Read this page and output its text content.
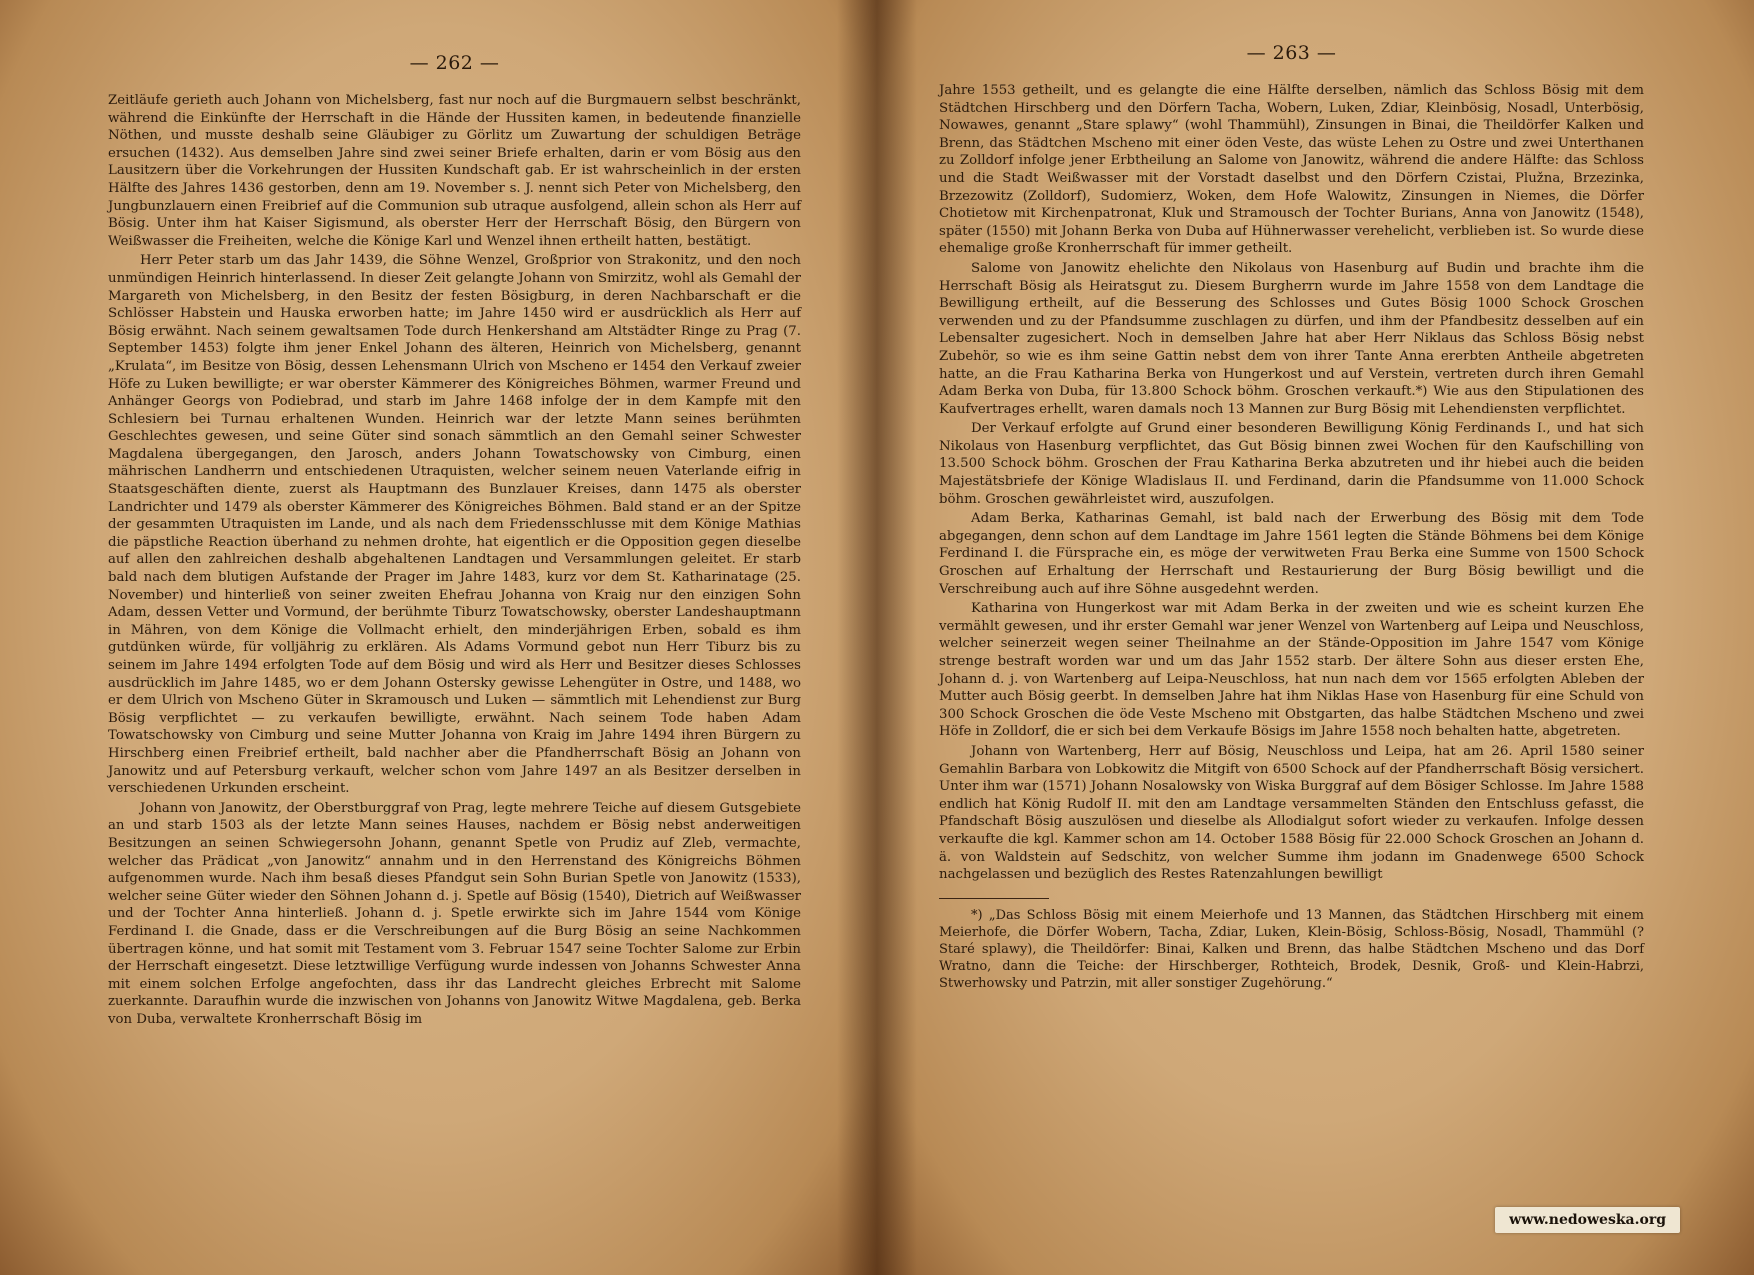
— 262 —

Zeitläufe gerieth auch Johann von Michelsberg, fast nur noch auf die Burgmauern selbst beschränkt, während die Einkünfte der Herrschaft in die Hände der Hussiten kamen, in bedeutende finanzielle Nöthen, und musste deshalb seine Gläubiger zu Görlitz um Zuwartung der schuldigen Beträge ersuchen (1432). Aus demselben Jahre sind zwei seiner Briefe erhalten, darin er vom Bösig aus den Lausitzern über die Vorkehrungen der Hussiten Kundschaft gab. Er ist wahrscheinlich in der ersten Hälfte des Jahres 1436 gestorben, denn am 19. November s. J. nennt sich Peter von Michelsberg, den Jungbunzlauern einen Freibrief auf die Communion sub utraque ausfolgend, allein schon als Herr auf Bösig. Unter ihm hat Kaiser Sigismund, als oberster Herr der Herrschaft Bösig, den Bürgern von Weißwasser die Freiheiten, welche die Könige Karl und Wenzel ihnen ertheilt hatten, bestätigt.

Herr Peter starb um das Jahr 1439, die Söhne Wenzel, Großprior von Strakonitz, und den noch unmündigen Heinrich hinterlassend. In dieser Zeit gelangte Johann von Smirzitz, wohl als Gemahl der Margareth von Michelsberg, in den Besitz der festen Bösigburg, in deren Nachbarschaft er die Schlösser Habstein und Hauska erworben hatte; im Jahre 1450 wird er ausdrücklich als Herr auf Bösig erwähnt. Nach seinem gewaltsamen Tode durch Henkershand am Altstädter Ringe zu Prag (7. September 1453) folgte ihm jener Enkel Johann des älteren, Heinrich von Michelsberg, genannt „Krulata“, im Besitze von Bösig, dessen Lehensmann Ulrich von Mscheno er 1454 den Verkauf zweier Höfe zu Luken bewilligte; er war oberster Kämmerer des Königreiches Böhmen, warmer Freund und Anhänger Georgs von Podiebrad, und starb im Jahre 1468 infolge der in dem Kampfe mit den Schlesiern bei Turnau erhaltenen Wunden. Heinrich war der letzte Mann seines berühmten Geschlechtes gewesen, und seine Güter sind sonach sämmtlich an den Gemahl seiner Schwester Magdalena übergegangen, den Jarosch, anders Johann Towatschowsky von Cimburg, einen mährischen Landherrn und entschiedenen Utraquisten, welcher seinem neuen Vaterlande eifrig in Staatsgeschäften diente, zuerst als Hauptmann des Bunzlauer Kreises, dann 1475 als oberster Landrichter und 1479 als oberster Kämmerer des Königreiches Böhmen. Bald stand er an der Spitze der gesammten Utraquisten im Lande, und als nach dem Friedensschlusse mit dem Könige Mathias die päpstliche Reaction überhand zu nehmen drohte, hat eigentlich er die Opposition gegen dieselbe auf allen den zahlreichen deshalb abgehaltenen Landtagen und Versammlungen geleitet. Er starb bald nach dem blutigen Aufstande der Prager im Jahre 1483, kurz vor dem St. Katharinatage (25. November) und hinterließ von seiner zweiten Ehefrau Johanna von Kraig nur den einzigen Sohn Adam, dessen Vetter und Vormund, der berühmte Tiburz Towatschowsky, oberster Landeshauptmann in Mähren, von dem Könige die Vollmacht erhielt, den minderjährigen Erben, sobald es ihm gutdünken würde, für volljährig zu erklären. Als Adams Vormund gebot nun Herr Tiburz bis zu seinem im Jahre 1494 erfolgten Tode auf dem Bösig und wird als Herr und Besitzer dieses Schlosses ausdrücklich im Jahre 1485, wo er dem Johann Ostersky gewisse Lehengüter in Ostre, und 1488, wo er dem Ulrich von Mscheno Güter in Skramousch und Luken — sämmtlich mit Lehendienst zur Burg Bösig verpflichtet — zu verkaufen bewilligte, erwähnt. Nach seinem Tode haben Adam Towatschowsky von Cimburg und seine Mutter Johanna von Kraig im Jahre 1494 ihren Bürgern zu Hirschberg einen Freibrief ertheilt, bald nachher aber die Pfandherrschaft Bösig an Johann von Janowitz und auf Petersburg verkauft, welcher schon vom Jahre 1497 an als Besitzer derselben in verschiedenen Urkunden erscheint.

Johann von Janowitz, der Oberstburggraf von Prag, legte mehrere Teiche auf diesem Gutsgebiete an und starb 1503 als der letzte Mann seines Hauses, nachdem er Bösig nebst anderweitigen Besitzungen an seinen Schwiegersohn Johann, genannt Spetle von Prudiz auf Zleb, vermachte, welcher das Prädicat „von Janowitz“ annahm und in den Herrenstand des Königreichs Böhmen aufgenommen wurde. Nach ihm besaß dieses Pfandgut sein Sohn Burian Spetle von Janowitz (1533), welcher seine Güter wieder den Söhnen Johann d. j. Spetle auf Bösig (1540), Dietrich auf Weißwasser und der Tochter Anna hinterließ. Johann d. j. Spetle erwirkte sich im Jahre 1544 vom Könige Ferdinand I. die Gnade, dass er die Verschreibungen auf die Burg Bösig an seine Nachkommen übertragen könne, und hat somit mit Testament vom 3. Februar 1547 seine Tochter Salome zur Erbin der Herrschaft eingesetzt. Diese letztwillige Verfügung wurde indessen von Johanns Schwester Anna mit einem solchen Erfolge angefochten, dass ihr das Landrecht gleiches Erbrecht mit Salome zuerkannte. Daraufhin wurde die inzwischen von Johanns von Janowitz Witwe Magdalena, geb. Berka von Duba, verwaltete Kronherrschaft Bösig im

— 263 —

Jahre 1553 getheilt, und es gelangte die eine Hälfte derselben, nämlich das Schloss Bösig mit dem Städtchen Hirschberg und den Dörfern Tacha, Wobern, Luken, Zdiar, Kleinbösig, Nosadl, Unterbösig, Nowawes, genannt „Stare splawy“ (wohl Thammühl), Zinsungen in Binai, die Theildörfer Kalken und Brenn, das Städtchen Mscheno mit einer öden Veste, das wüste Lehen zu Ostre und zwei Unterthanen zu Zolldorf infolge jener Erbtheilung an Salome von Janowitz, während die andere Hälfte: das Schloss und die Stadt Weißwasser mit der Vorstadt daselbst und den Dörfern Czistai, Plužna, Brzezinka, Brzezowitz (Zolldorf), Sudomierz, Woken, dem Hofe Walowitz, Zinsungen in Niemes, die Dörfer Chotietow mit Kirchenpatronat, Kluk und Stramousch der Tochter Burians, Anna von Janowitz (1548), später (1550) mit Johann Berka von Duba auf Hühnerwasser verehelicht, verblieben ist. So wurde diese ehemalige große Kronherrschaft für immer getheilt.

Salome von Janowitz ehelichte den Nikolaus von Hasenburg auf Budin und brachte ihm die Herrschaft Bösig als Heiratsgut zu. Diesem Burgherrn wurde im Jahre 1558 von dem Landtage die Bewilligung ertheilt, auf die Besserung des Schlosses und Gutes Bösig 1000 Schock Groschen verwenden und zu der Pfandsumme zuschlagen zu dürfen, und ihm der Pfandbesitz desselben auf ein Lebensalter zugesichert. Noch in demselben Jahre hat aber Herr Niklaus das Schloss Bösig nebst Zubehör, so wie es ihm seine Gattin nebst dem von ihrer Tante Anna ererbten Antheile abgetreten hatte, an die Frau Katharina Berka von Hungerkost und auf Verstein, vertreten durch ihren Gemahl Adam Berka von Duba, für 13.800 Schock böhm. Groschen verkauft.*) Wie aus den Stipulationen des Kaufvertrages erhellt, waren damals noch 13 Mannen zur Burg Bösig mit Lehendiensten verpflichtet.

Der Verkauf erfolgte auf Grund einer besonderen Bewilligung König Ferdinands I., und hat sich Nikolaus von Hasenburg verpflichtet, das Gut Bösig binnen zwei Wochen für den Kaufschilling von 13.500 Schock böhm. Groschen der Frau Katharina Berka abzutreten und ihr hiebei auch die beiden Majestätsbriefe der Könige Wladislaus II. und Ferdinand, darin die Pfandsumme von 11.000 Schock böhm. Groschen gewährleistet wird, auszufolgen.

Adam Berka, Katharinas Gemahl, ist bald nach der Erwerbung des Bösig mit dem Tode abgegangen, denn schon auf dem Landtage im Jahre 1561 legten die Stände Böhmens bei dem Könige Ferdinand I. die Fürsprache ein, es möge der verwitweten Frau Berka eine Summe von 1500 Schock Groschen auf Erhaltung der Herrschaft und Restaurierung der Burg Bösig bewilligt und die Verschreibung auch auf ihre Söhne ausgedehnt werden.

Katharina von Hungerkost war mit Adam Berka in der zweiten und wie es scheint kurzen Ehe vermählt gewesen, und ihr erster Gemahl war jener Wenzel von Wartenberg auf Leipa und Neuschloss, welcher seinerzeit wegen seiner Theilnahme an der Stände-Opposition im Jahre 1547 vom Könige strenge bestraft worden war und um das Jahr 1552 starb. Der ältere Sohn aus dieser ersten Ehe, Johann d. j. von Wartenberg auf Leipa-Neuschloss, hat nun nach dem vor 1565 erfolgten Ableben der Mutter auch Bösig geerbt. In demselben Jahre hat ihm Niklas Hase von Hasenburg für eine Schuld von 300 Schock Groschen die öde Veste Mscheno mit Obstgarten, das halbe Städtchen Mscheno und zwei Höfe in Zolldorf, die er sich bei dem Verkaufe Bösigs im Jahre 1558 noch behalten hatte, abgetreten.

Johann von Wartenberg, Herr auf Bösig, Neuschloss und Leipa, hat am 26. April 1580 seiner Gemahlin Barbara von Lobkowitz die Mitgift von 6500 Schock auf der Pfandherrschaft Bösig versichert. Unter ihm war (1571) Johann Nosalowsky von Wiska Burggraf auf dem Bösiger Schlosse. Im Jahre 1588 endlich hat König Rudolf II. mit den am Landtage versammelten Ständen den Entschluss gefasst, die Pfandschaft Bösig auszulösen und dieselbe als Allodialgut sofort wieder zu verkaufen. Infolge dessen verkaufte die kgl. Kammer schon am 14. October 1588 Bösig für 22.000 Schock Groschen an Johann d. ä. von Waldstein auf Sedschitz, von welcher Summe ihm jodann im Gnadenwege 6500 Schock nachgelassen und bezüglich des Restes Ratenzahlungen bewilligt

*) „Das Schloss Bösig mit einem Meierhofe und 13 Mannen, das Städtchen Hirschberg mit einem Meierhofe, die Dörfer Wobern, Tacha, Zdiar, Luken, Klein-Bösig, Schloss-Bösig, Nosadl, Thammühl (? Staré splawy), die Theildörfer: Binai, Kalken und Brenn, das halbe Städtchen Mscheno und das Dorf Wratno, dann die Teiche: der Hirschberger, Rothteich, Brodek, Desnik, Groß- und Klein-Habrzi, Stwerhowsky und Patrzin, mit aller sonstiger Zugehörung.“

www.nedoweska.org
